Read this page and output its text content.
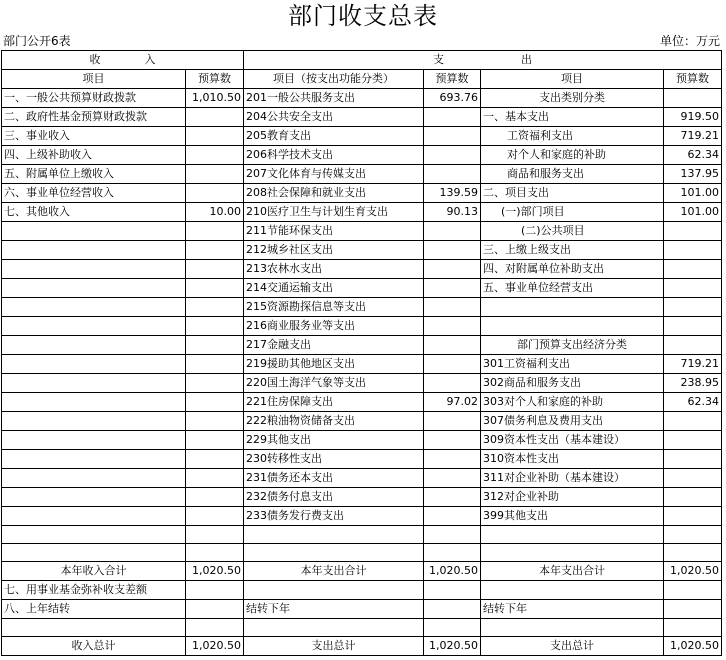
部门收支总表
部门公开6表	单位：万元
收　　　　入		支　　　　　　　出			
项目	预算数	项目（按支出功能分类）	预算数	项目	预算数
一、一般公共预算财政拨款	1,010.50	201一般公共服务支出	693.76	支出类别分类	
二、政府性基金预算财政拨款		204公共安全支出		一、基本支出	919.50
三、事业收入		205教育支出		工资福利支出	719.21
四、上级补助收入		206科学技术支出		对个人和家庭的补助	62.34
五、附属单位上缴收入		207文化体育与传媒支出		商品和服务支出	137.95
六、事业单位经营收入		208社会保障和就业支出	139.59	二、项目支出	101.00
七、其他收入	10.00	210医疗卫生与计划生育支出	90.13	(一)部门项目	101.00
		211节能环保支出		(二)公共项目	
		212城乡社区支出		三、上缴上级支出	
		213农林水支出		四、对附属单位补助支出	
		214交通运输支出		五、事业单位经营支出	
		215资源勘探信息等支出			
		216商业服务业等支出			
		217金融支出		部门预算支出经济分类	
		219援助其他地区支出		301工资福利支出	719.21
		220国土海洋气象等支出		302商品和服务支出	238.95
		221住房保障支出	97.02	303对个人和家庭的补助	62.34
		222粮油物资储备支出		307债务利息及费用支出	
		229其他支出		309资本性支出（基本建设）	
		230转移性支出		310资本性支出	
		231债务还本支出		311对企业补助（基本建设）	
		232债务付息支出		312对企业补助	
		233债务发行费支出		399其他支出	

本年收入合计	1,020.50	本年支出合计	1,020.50	本年支出合计	1,020.50
七、用事业基金弥补收支差额					
八、上年结转		结转下年		结转下年	

收入总计	1,020.50	支出总计	1,020.50	支出总计	1,020.50
